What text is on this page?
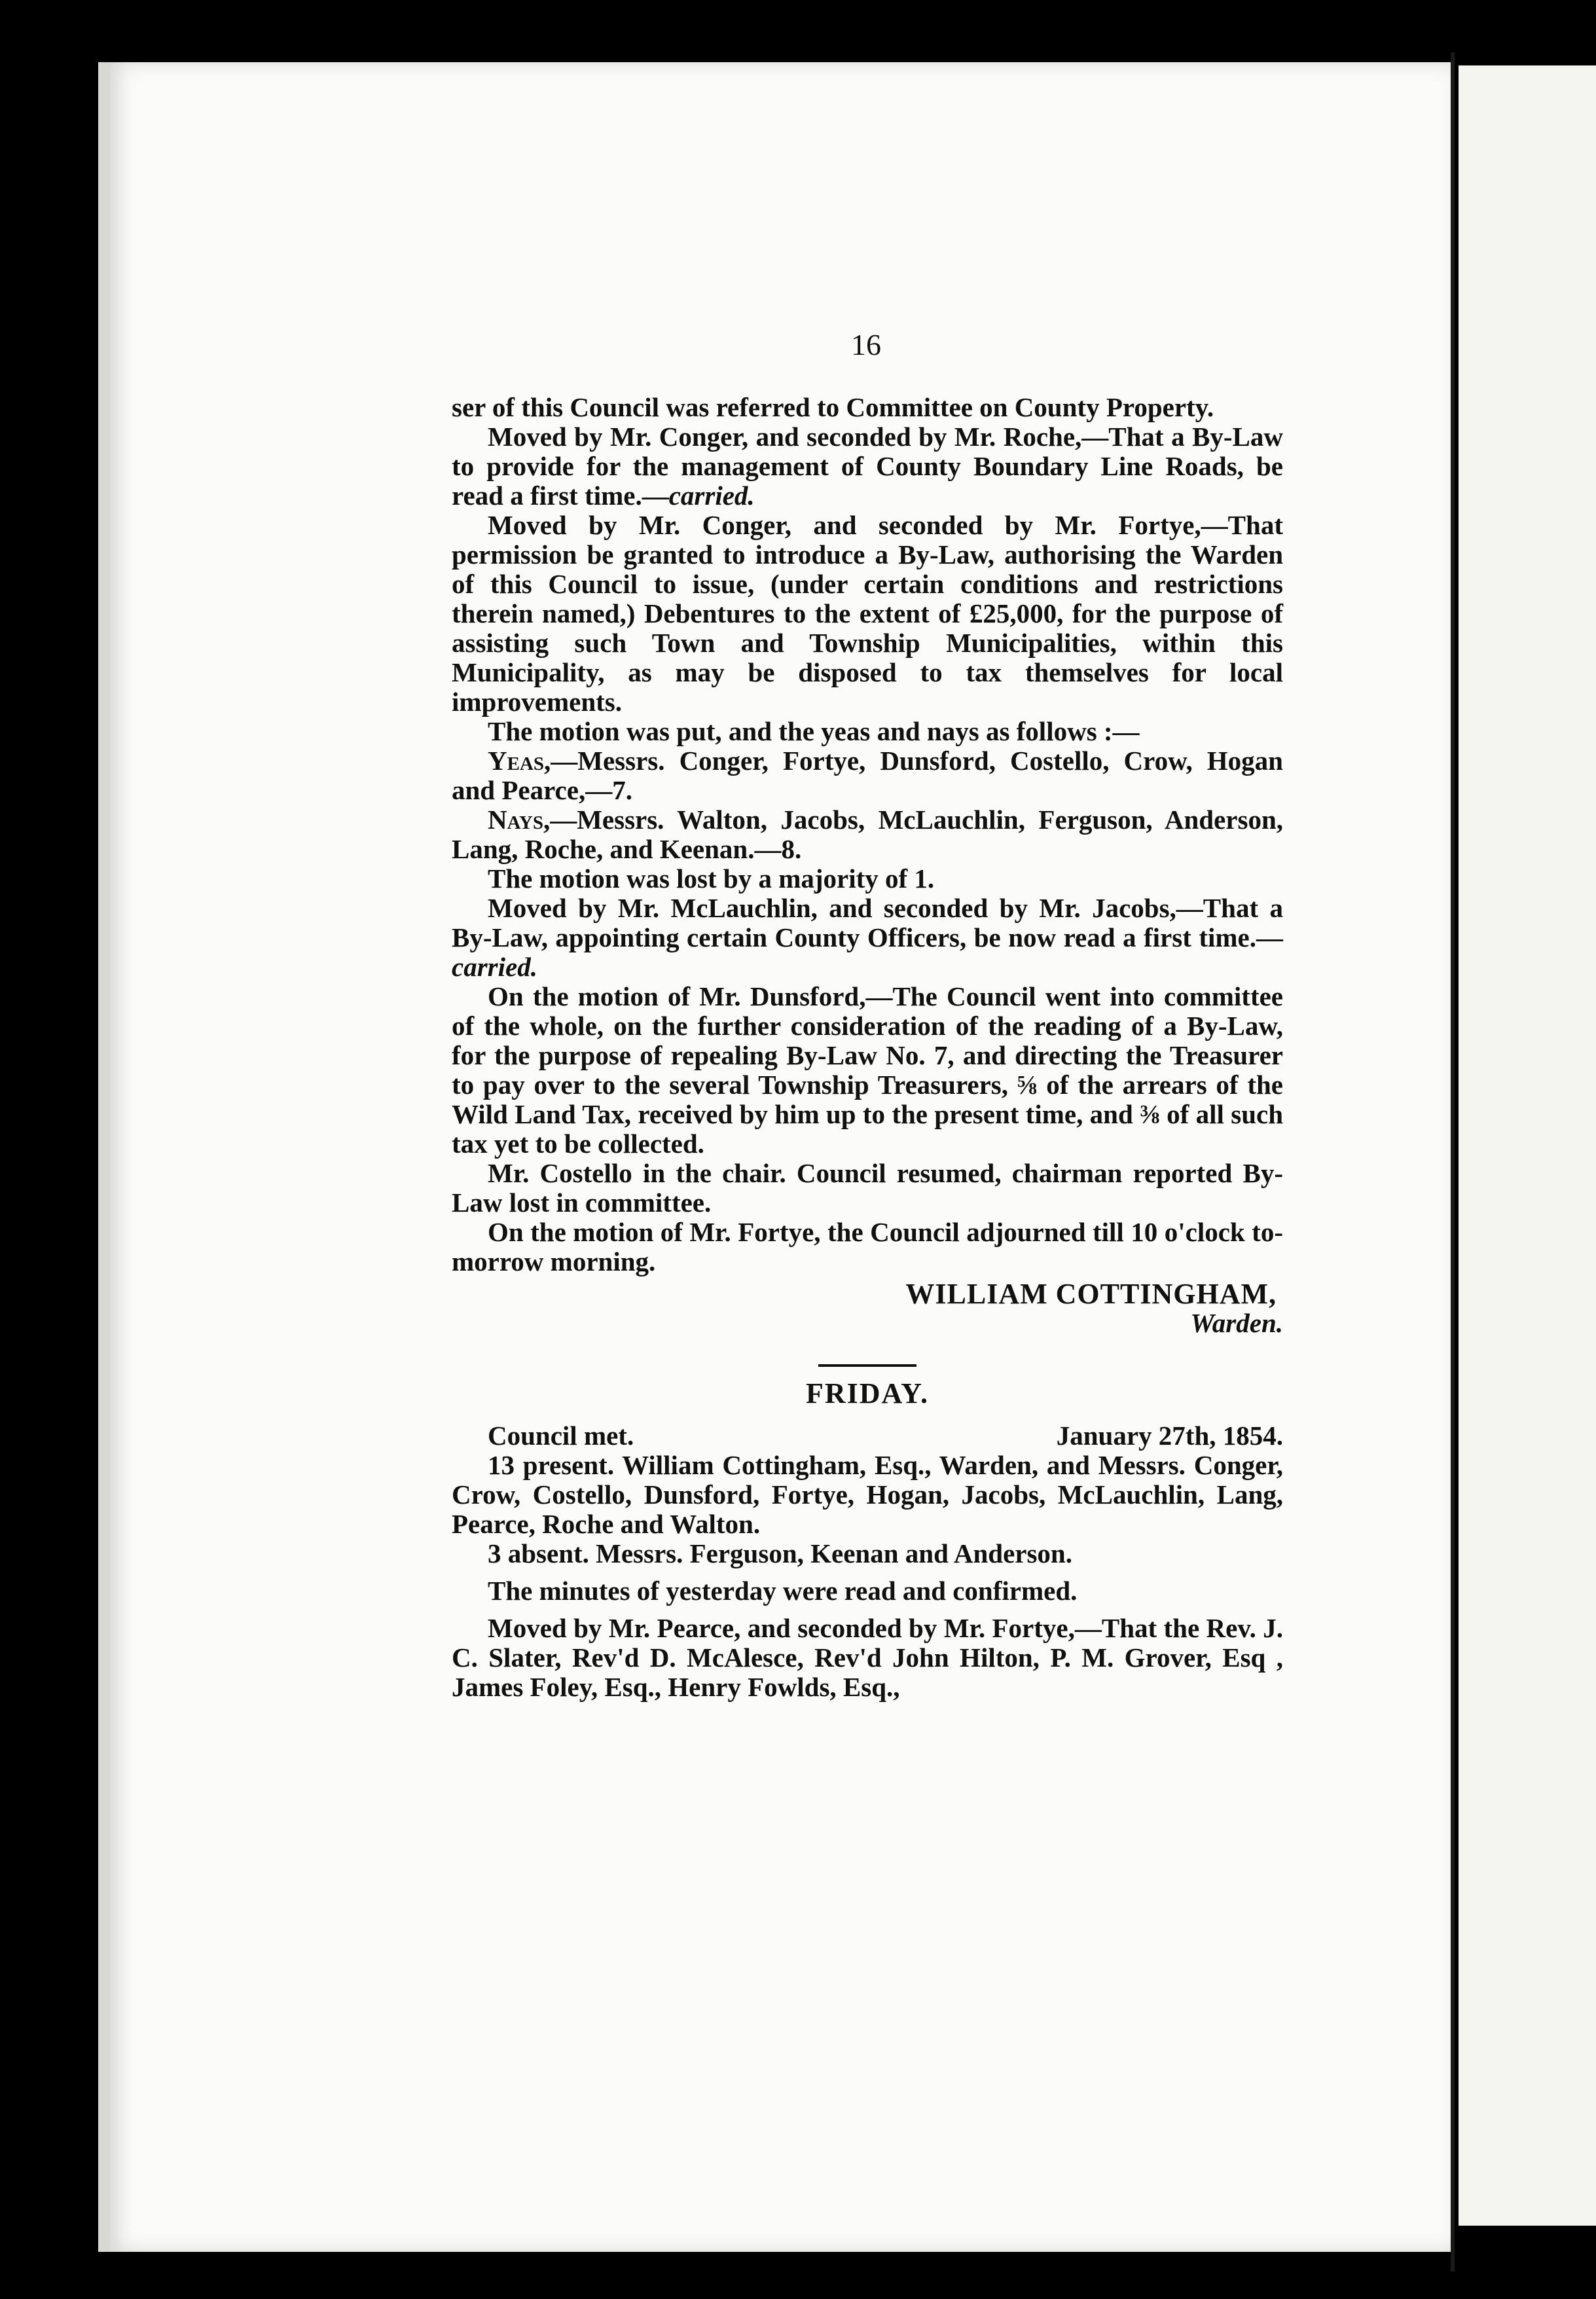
16

ser of this Council was referred to Committee on County Property.

Moved by Mr. Conger, and seconded by Mr. Roche,—That a By-Law to provide for the management of County Boundary Line Roads, be read a first time.—carried.

Moved by Mr. Conger, and seconded by Mr. Fortye,—That permission be granted to introduce a By-Law, authorising the Warden of this Council to issue, (under certain conditions and restrictions therein named,) Debentures to the extent of £25,000, for the purpose of assisting such Town and Township Municipalities, within this Municipality, as may be disposed to tax themselves for local improvements.

The motion was put, and the yeas and nays as follows :—

Yeas,—Messrs. Conger, Fortye, Dunsford, Costello, Crow, Hogan and Pearce,—7.

Nays,—Messrs. Walton, Jacobs, McLauchlin, Ferguson, Anderson, Lang, Roche, and Keenan.—8.

The motion was lost by a majority of 1.

Moved by Mr. McLauchlin, and seconded by Mr. Jacobs,—That a By-Law, appointing certain County Officers, be now read a first time.—carried.

On the motion of Mr. Dunsford,—The Council went into committee of the whole, on the further consideration of the reading of a By-Law, for the purpose of repealing By-Law No. 7, and directing the Treasurer to pay over to the several Township Treasurers, ⅝ of the arrears of the Wild Land Tax, received by him up to the present time, and ⅜ of all such tax yet to be collected.

Mr. Costello in the chair. Council resumed, chairman reported By-Law lost in committee.

On the motion of Mr. Fortye, the Council adjourned till 10 o'clock to-morrow morning.

WILLIAM COTTINGHAM,

Warden.

FRIDAY.

Council met.	January 27th, 1854.

13 present. William Cottingham, Esq., Warden, and Messrs. Conger, Crow, Costello, Dunsford, Fortye, Hogan, Jacobs, McLauchlin, Lang, Pearce, Roche and Walton.

3 absent. Messrs. Ferguson, Keenan and Anderson.

The minutes of yesterday were read and confirmed.

Moved by Mr. Pearce, and seconded by Mr. Fortye,—That the Rev. J. C. Slater, Rev'd D. McAlesce, Rev'd John Hilton, P. M. Grover, Esq , James Foley, Esq., Henry Fowlds, Esq.,
